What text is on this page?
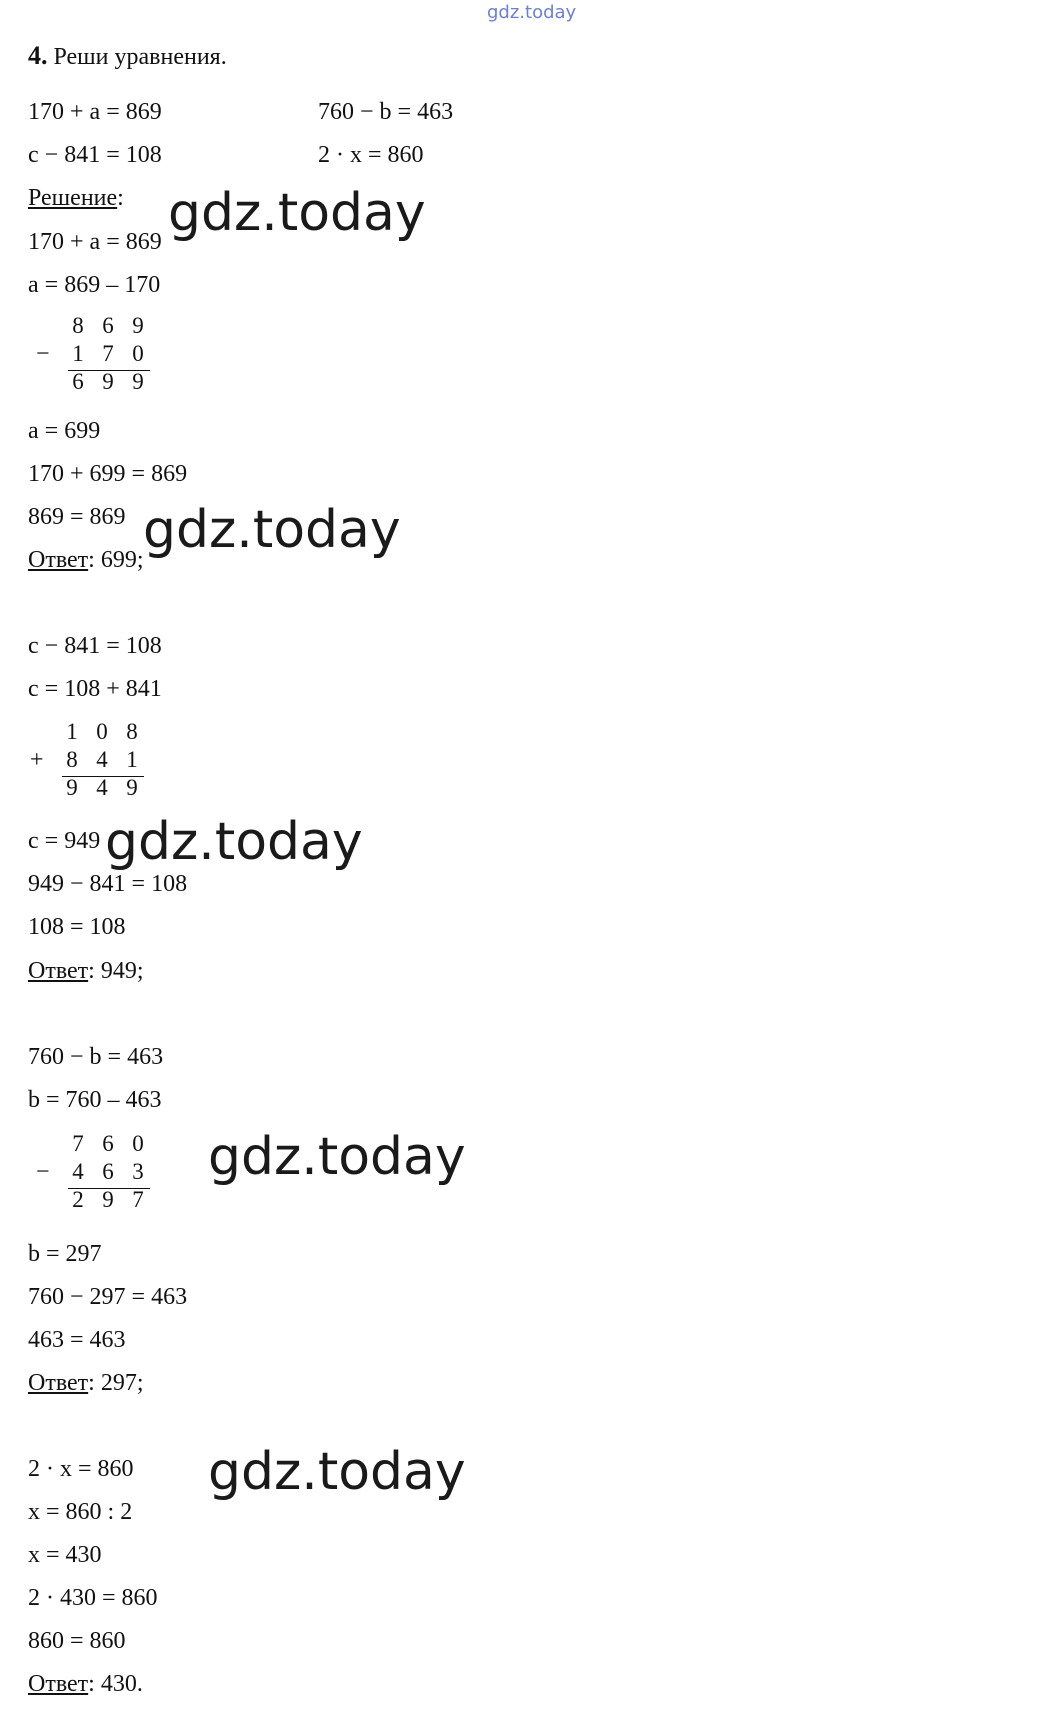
gdz.today
4. Реши уравнения.
170 + a = 869
c − 841 = 108
760 − b = 463
2 · x = 860
Решение:
170 + a = 869
a = 869 – 170
8 6 9
− 1 7 0
6 9 9
a = 699
170 + 699 = 869
869 = 869
Ответ: 699;
c − 841 = 108
c = 108 + 841
1 0 8
+ 8 4 1
9 4 9
c = 949
949 − 841 = 108
108 = 108
Ответ: 949;
760 − b = 463
b = 760 – 463
7 6 0
− 4 6 3
2 9 7
b = 297
760 − 297 = 463
463 = 463
Ответ: 297;
2 · x = 860
x = 860 : 2
x = 430
2 · 430 = 860
860 = 860
Ответ: 430.
gdz.today
gdz.today
gdz.today
gdz.today
gdz.today
